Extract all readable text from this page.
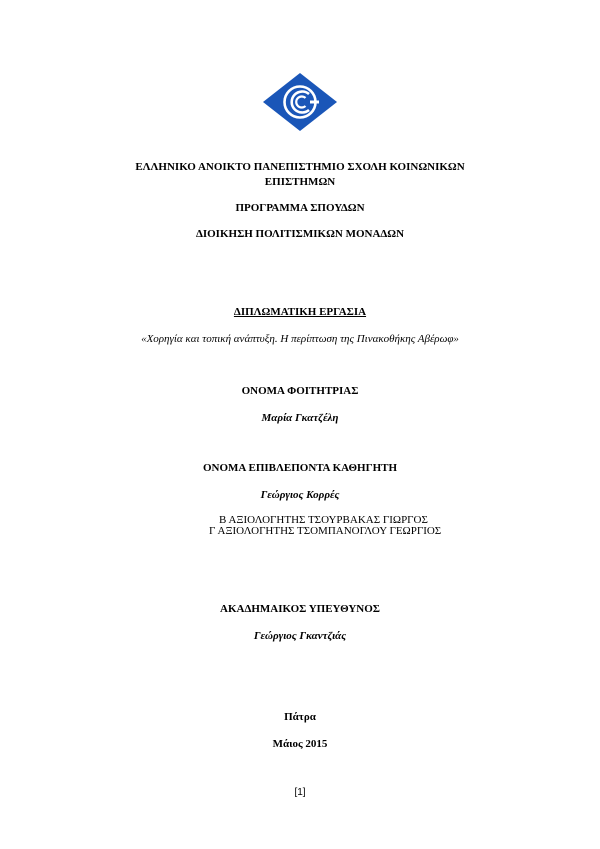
ΕΛΛΗΝΙΚΟ ΑΝΟΙΚΤΟ ΠΑΝΕΠΙΣΤΗΜΙΟ ΣΧΟΛΗ ΚΟΙΝΩΝΙΚΩΝ
ΕΠΙΣΤΗΜΩΝ
ΠΡΟΓΡΑΜΜΑ ΣΠΟΥΔΩΝ
ΔΙΟΙΚΗΣΗ ΠΟΛΙΤΙΣΜΙΚΩΝ ΜΟΝΑΔΩΝ
ΔΙΠΛΩΜΑΤΙΚΗ ΕΡΓΑΣΙΑ
«Χορηγία και τοπική ανάπτυξη. Η περίπτωση της Πινακοθήκης Αβέρωφ»
ΟΝΟΜΑ ΦΟΙΤΗΤΡΙΑΣ
Μαρία Γκατζέλη
ΟΝΟΜΑ ΕΠΙΒΛΕΠΟΝΤΑ ΚΑΘΗΓΗΤΗ
Γεώργιος Κορρές
Β ΑΞΙΟΛΟΓΗΤΗΣ ΤΣΟΥΡΒΑΚΑΣ ΓΙΩΡΓΟΣ
Γ ΑΞΙΟΛΟΓΗΤΗΣ ΤΣΟΜΠΑΝΟΓΛΟΥ ΓΕΩΡΓΙΟΣ
ΑΚΑΔΗΜΑΙΚΟΣ ΥΠΕΥΘΥΝΟΣ
Γεώργιος Γκαντζιάς
Πάτρα
Μάιος 2015
[1]
